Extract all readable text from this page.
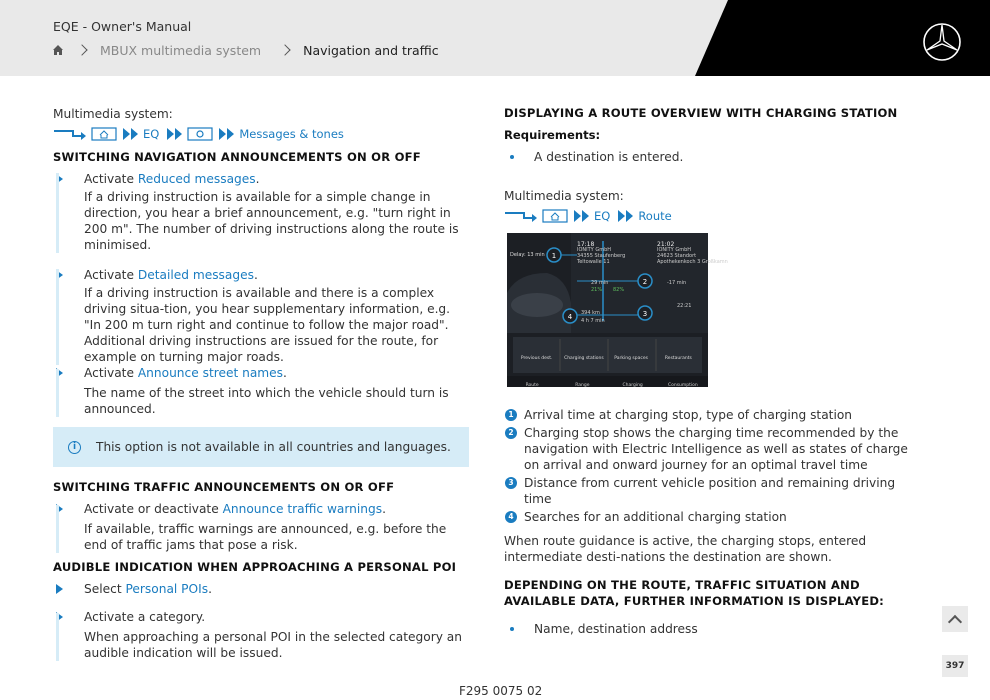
EQE - Owner's Manual
MBUX multimedia system	Navigation and traffic
Multimedia system:
EQ	Messages & tones
SWITCHING NAVIGATION ANNOUNCEMENTS ON OR OFF

Activate Reduced messages.

If a driving instruction is available for a simple change in direction, you hear a brief announcement, e.g. "turn right in 200 m". The number of driving instructions along the route is minimised.

Activate Detailed messages.

If a driving instruction is available and there is a complex driving situa-tion, you hear supplementary information, e.g. "In 200 m turn right and continue to follow the major road". Additional driving instructions are issued for the route, for example on turning major roads.

Activate Announce street names.

The name of the street into which the vehicle should turn is announced.
i	This option is not available in all countries and languages.
SWITCHING TRAFFIC ANNOUNCEMENTS ON OR OFF

Activate or deactivate Announce traffic warnings.

If available, traffic warnings are announced, e.g. before the end of traffic jams that pose a risk.
AUDIBLE INDICATION WHEN APPROACHING A PERSONAL POI

Select Personal POIs.

Activate a category.

When approaching a personal POI in the selected category an audible indication will be issued.
DISPLAYING A ROUTE OVERVIEW WITH CHARGING STATION
Requirements:
A destination is entered.
Multimedia system:
EQ Route
1
2
3
4
Delay: 13 min
17:18	21:02
IONITY GmbH
34355 Staufenberg
Teltowalle 11
IONITY GmbH
24623 Standort
Apothekenkoch 3 Großkamn
29 min
21% 82%
-17 min
394 km
4 h 7 min
22:21
Previous dest.	Charging stations	Parking spaces	Restaurants
Route	Range	Charging	Consumption
1 Arrival time at charging stop, type of charging station
2 Charging stop shows the charging time recommended by the navigation with Electric Intelligence as well as states of charge on arrival and onward journey for an optimal travel time
3 Distance from current vehicle position and remaining driving time
4 Searches for an additional charging station

When route guidance is active, the charging stops, entered intermediate desti-nations the destination are shown.

DEPENDING ON THE ROUTE, TRAFFIC SITUATION AND AVAILABLE DATA, FURTHER INFORMATION IS DISPLAYED:
Name, destination address
397
F295 0075 02
